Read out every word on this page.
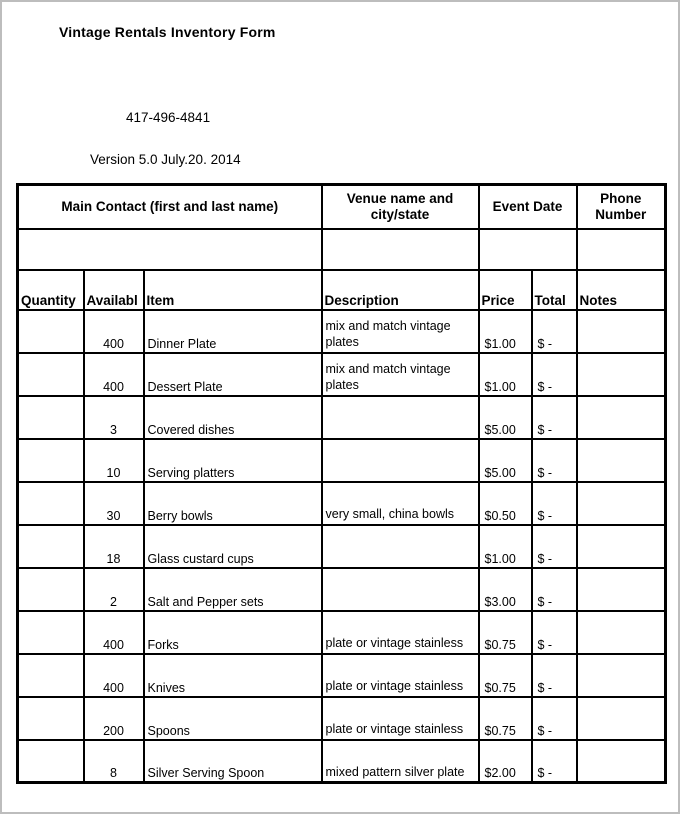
Vintage Rentals Inventory Form
417-496-4841
Version 5.0 July.20. 2014
Main Contact (first and last name)			Venue name and city/state	Event Date		Phone Number

Quantity	Availabl	Item	Description	Price	Total	Notes
	400	Dinner Plate	mix and match vintage plates	$1.00	$ -	
	400	Dessert Plate	mix and match vintage plates	$1.00	$ -	
	3	Covered dishes		$5.00	$ -	
	10	Serving platters		$5.00	$ -	
	30	Berry bowls	very small, china bowls	$0.50	$ -	
	18	Glass custard cups		$1.00	$ -	
	2	Salt and Pepper sets		$3.00	$ -	
	400	Forks	plate or vintage stainless	$0.75	$ -	
	400	Knives	plate or vintage stainless	$0.75	$ -	
	200	Spoons	plate or vintage stainless	$0.75	$ -	
	8	Silver Serving Spoon	mixed pattern silver plate	$2.00	$ -	
